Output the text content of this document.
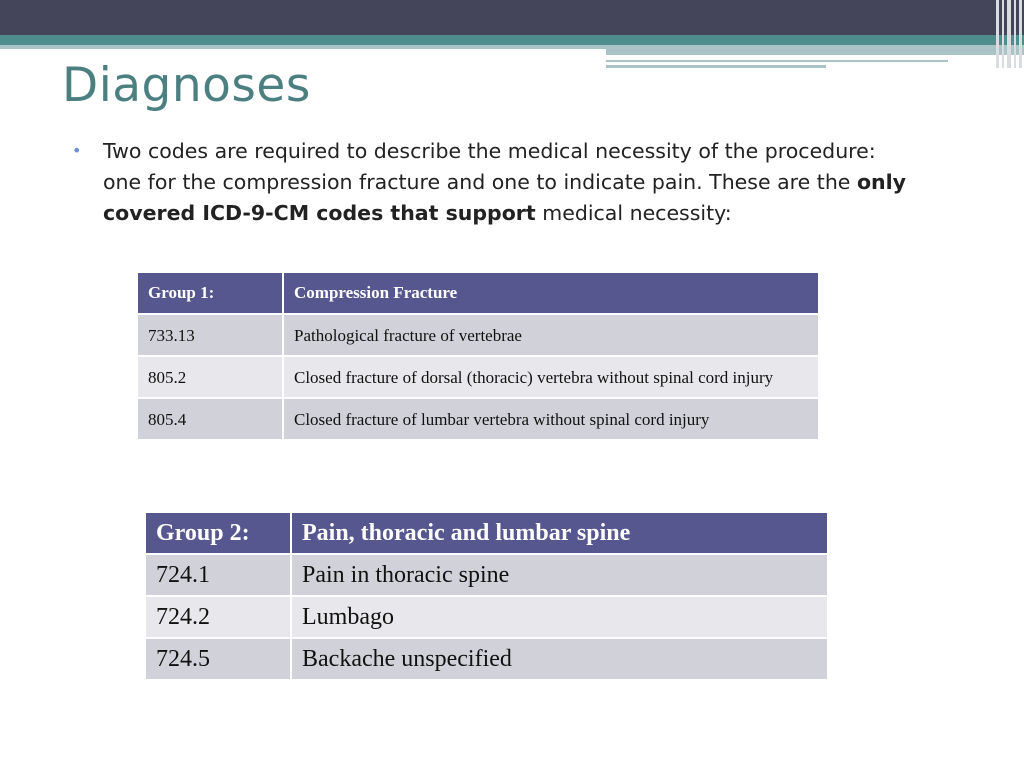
Diagnoses
• Two codes are required to describe the medical necessity of the procedure: one for the compression fracture and one to indicate pain. These are the only covered ICD-9-CM codes that support medical necessity:
Group 1:	Compression Fracture
733.13	Pathological fracture of vertebrae
805.2	Closed fracture of dorsal (thoracic) vertebra without spinal cord injury
805.4	Closed fracture of lumbar vertebra without spinal cord injury
Group 2:	Pain, thoracic and lumbar spine
724.1	Pain in thoracic spine
724.2	Lumbago
724.5	Backache unspecified
